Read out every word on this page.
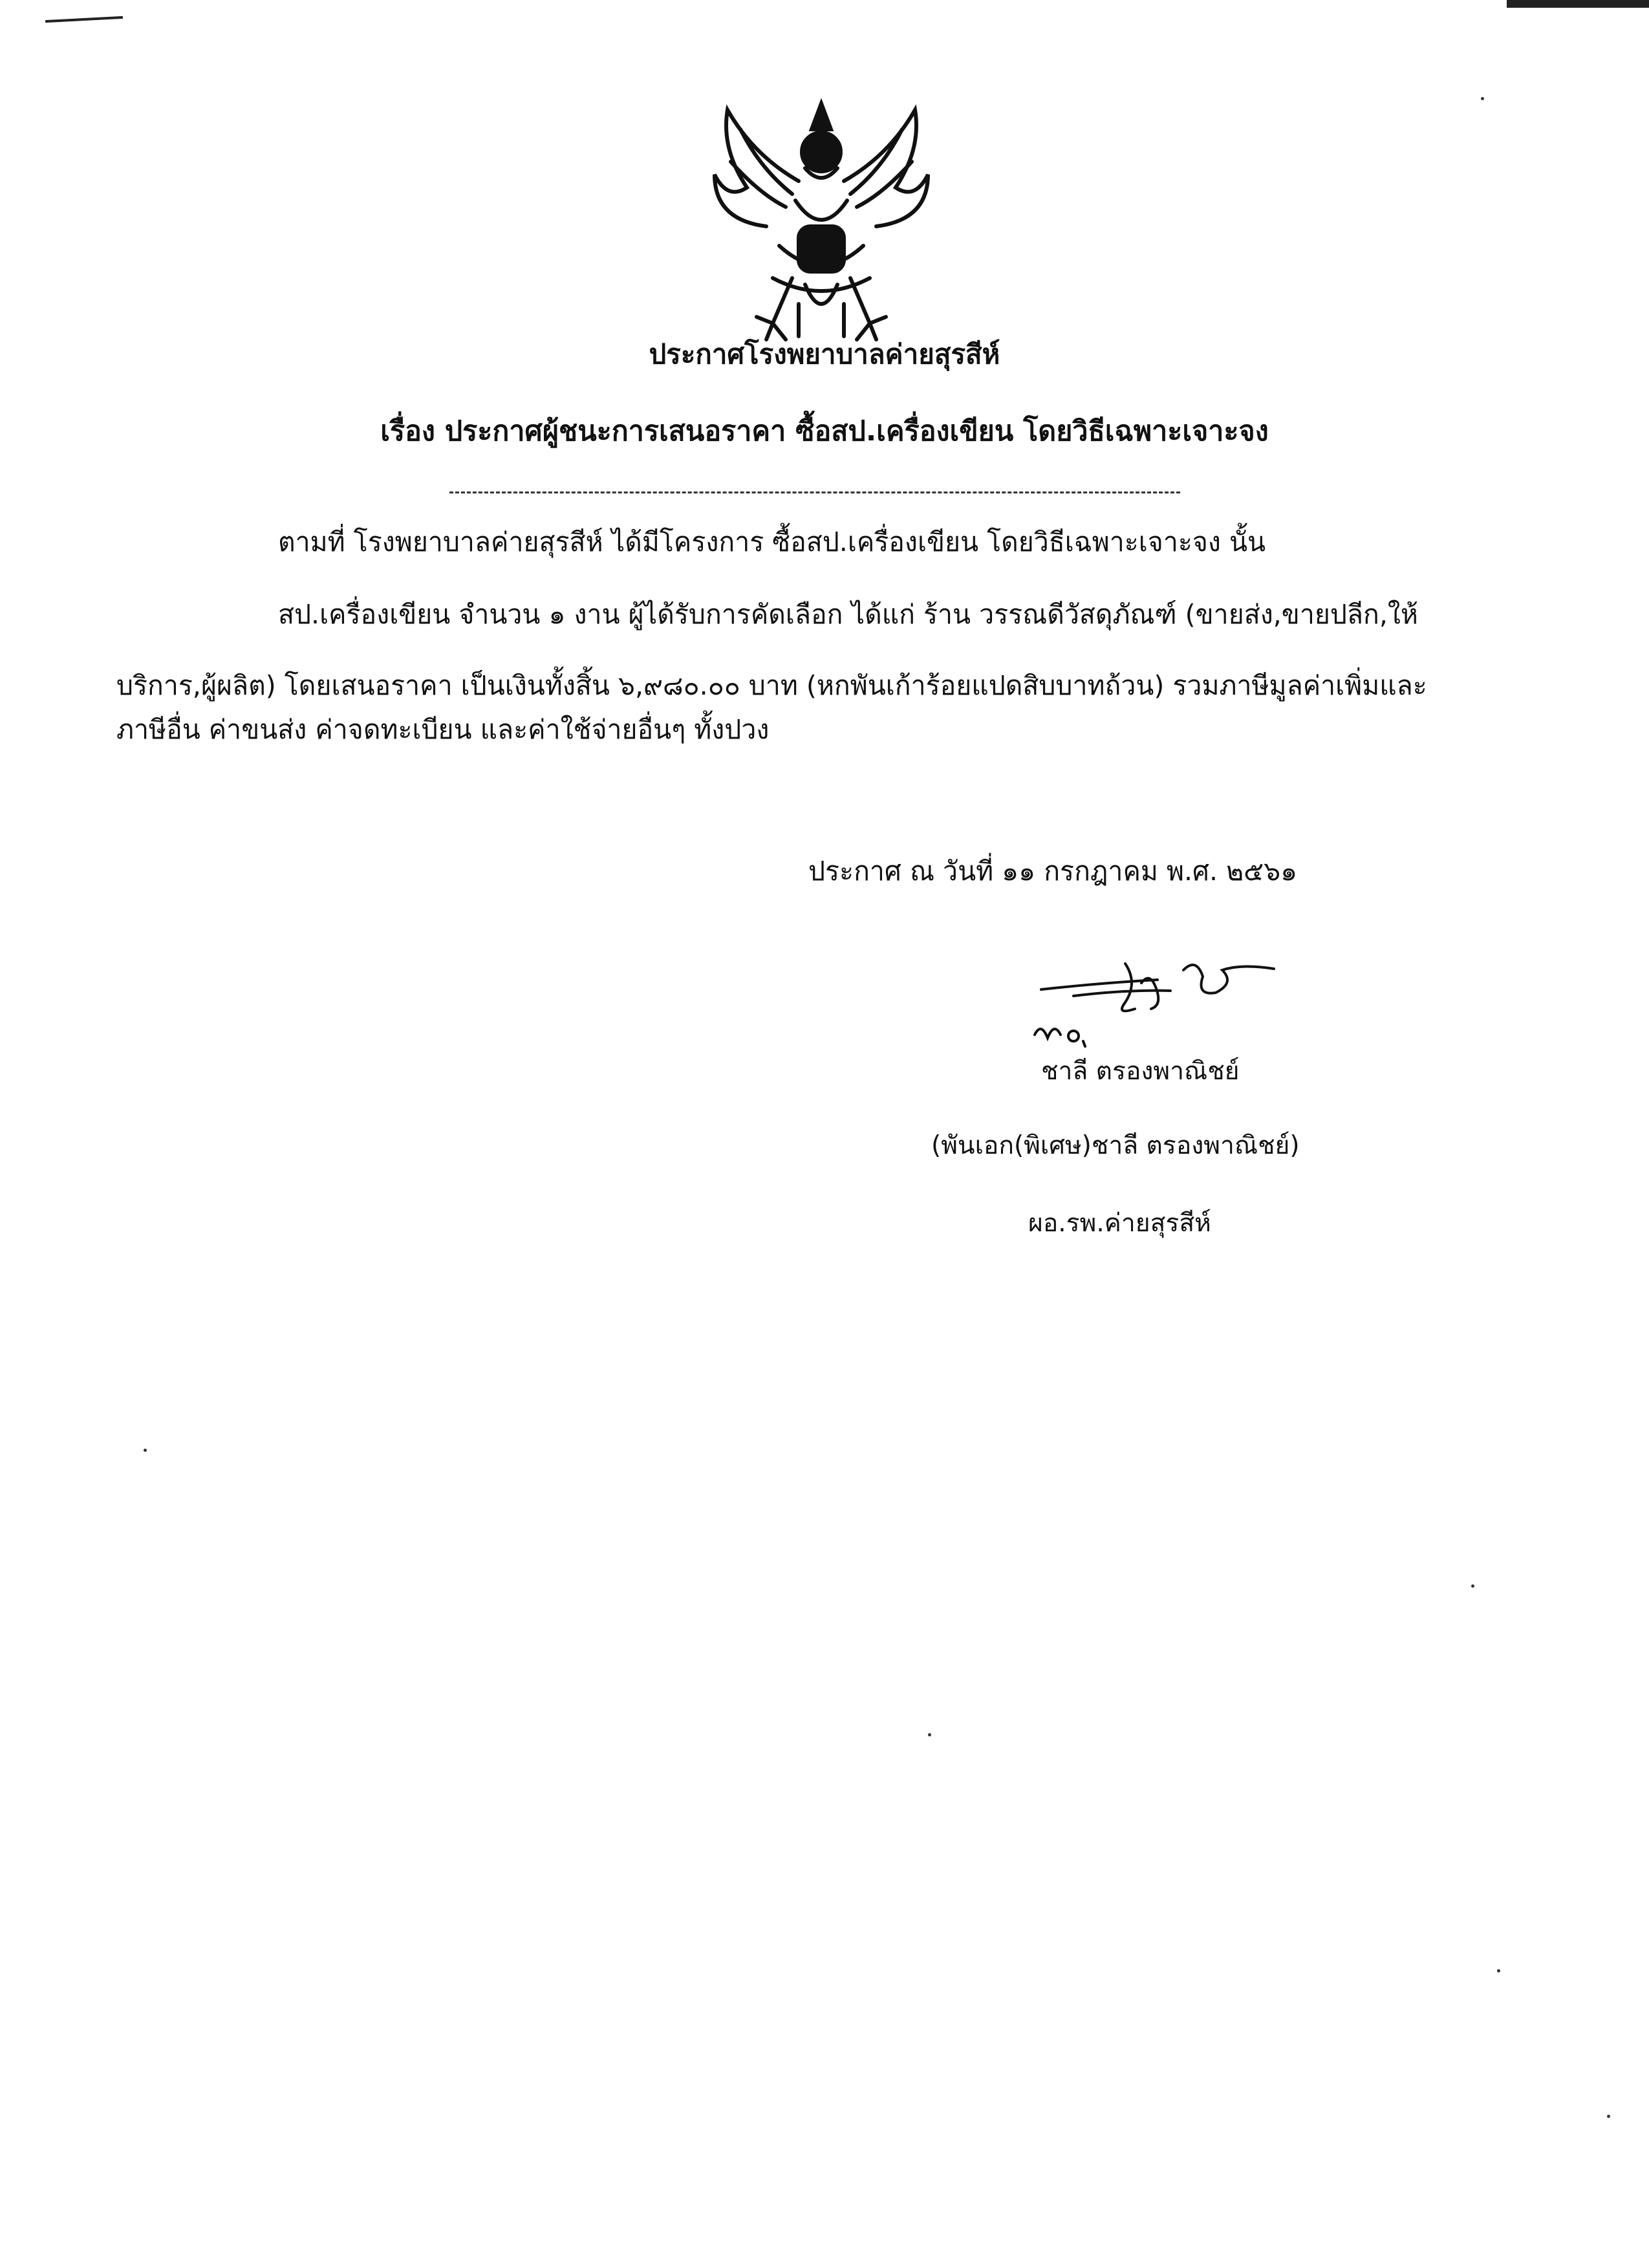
ประกาศโรงพยาบาลค่ายสุรสีห์
เรื่อง ประกาศผู้ชนะการเสนอราคา ซื้อสป.เครื่องเขียน โดยวิธีเฉพาะเจาะจง
ตามที่ โรงพยาบาลค่ายสุรสีห์ ได้มีโครงการ ซื้อสป.เครื่องเขียน โดยวิธีเฉพาะเจาะจง นั้น
สป.เครื่องเขียน จำนวน ๑ งาน ผู้ได้รับการคัดเลือก ได้แก่ ร้าน วรรณดีวัสดุภัณฑ์ (ขายส่ง,ขายปลีก,ให้
บริการ,ผู้ผลิต) โดยเสนอราคา เป็นเงินทั้งสิ้น ๖,๙๘๐.๐๐ บาท (หกพันเก้าร้อยแปดสิบบาทถ้วน) รวมภาษีมูลค่าเพิ่มและ
ภาษีอื่น ค่าขนส่ง ค่าจดทะเบียน และค่าใช้จ่ายอื่นๆ ทั้งปวง
ประกาศ ณ วันที่ ๑๑ กรกฎาคม พ.ศ. ๒๕๖๑
ชาลี ตรองพาณิชย์
(พันเอก(พิเศษ)ชาลี ตรองพาณิชย์)
ผอ.รพ.ค่ายสุรสีห์
